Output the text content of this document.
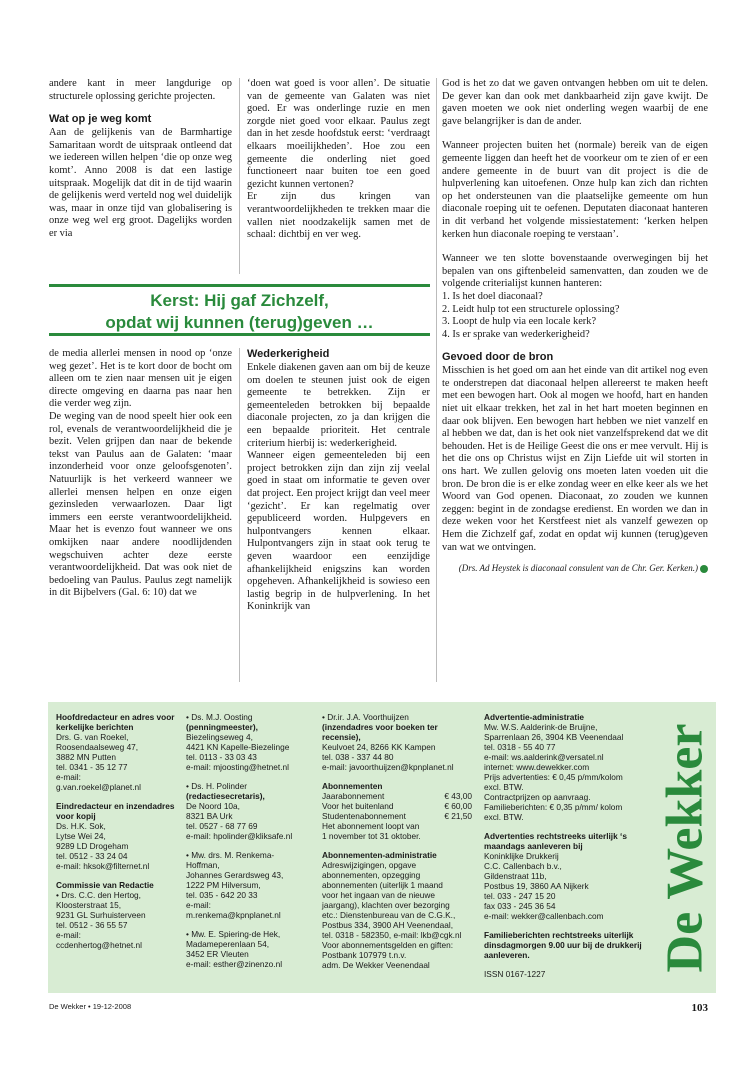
andere kant in meer langdurige op structurele oplossing gerichte projecten.

Wat op je weg komt

Aan de gelijkenis van de Barmhartige Samaritaan wordt de uitspraak ontleend dat we iedereen willen helpen ‘die op onze weg komt’. Anno 2008 is dat een lastige uitspraak. Mogelijk dat dit in de tijd waarin de gelijkenis werd verteld nog wel duidelijk was, maar in onze tijd van globalisering is onze weg wel erg groot. Dagelijks worden er via

‘doen wat goed is voor allen’. De situatie van de gemeente van Galaten was niet goed. Er was onderlinge ruzie en men zorgde niet goed voor elkaar. Paulus zegt dan in het zesde hoofdstuk eerst: ‘verdraagt elkaars moeilijkheden’. Hoe zou een gemeente die onderling niet goed functioneert naar buiten toe een goed gezicht kunnen vertonen?

Er zijn dus kringen van verantwoordelijkheden te trekken maar die vallen niet noodzakelijk samen met de schaal: dichtbij en ver weg.

Kerst: Hij gaf Zichzelf,
opdat wij kunnen (terug)geven …

de media allerlei mensen in nood op ‘onze weg gezet’. Het is te kort door de bocht om alleen om te zien naar mensen uit je eigen directe omgeving en daarna pas naar hen die verder weg zijn.

De weging van de nood speelt hier ook een rol, evenals de verantwoordelijkheid die je bezit. Velen grijpen dan naar de bekende tekst van Paulus aan de Galaten: ‘maar inzonderheid voor onze geloofsgenoten’. Natuurlijk is het verkeerd wanneer we allerlei mensen helpen en onze eigen gezinsleden verwaarlozen. Daar ligt immers een eerste verantwoordelijkheid. Maar het is evenzo fout wanneer we ons omkijken naar andere noodlijdenden wegschuiven achter deze eerste verantwoordelijkheid. Dat was ook niet de bedoeling van Paulus. Paulus zegt namelijk in dit Bijbelvers (Gal. 6: 10) dat we

Wederkerigheid

Enkele diakenen gaven aan om bij de keuze om doelen te steunen juist ook de eigen gemeente te betrekken. Zijn er gemeenteleden betrokken bij bepaalde diaconale projecten, zo ja dan krijgen die een bepaalde prioriteit. Het centrale criterium hierbij is: wederkerigheid.

Wanneer eigen gemeenteleden bij een project betrokken zijn dan zijn zij veelal goed in staat om informatie te geven over dat project. Een project krijgt dan veel meer ‘gezicht’. Er kan regelmatig over gepubliceerd worden. Hulpgevers en hulpontvangers kennen elkaar. Hulpontvangers zijn in staat ook terug te geven waardoor een eenzijdige afhankelijkheid enigszins kan worden opgeheven. Afhankelijkheid is sowieso een lastig begrip in de hulpverlening. In het Koninkrijk van

God is het zo dat we gaven ontvangen hebben om uit te delen. De gever kan dan ook met dankbaarheid zijn gave kwijt. De gaven moeten we ook niet onderling wegen waarbij de ene gave belangrijker is dan de ander.

Wanneer projecten buiten het (normale) bereik van de eigen gemeente liggen dan heeft het de voorkeur om te zien of er een andere gemeente in de buurt van dit project is die de hulpverlening kan uitoefenen. Onze hulp kan zich dan richten op het ondersteunen van die plaatselijke gemeente om hun diaconale roeping uit te oefenen. Deputaten diaconaat hanteren in dit verband het volgende missiestatement: ‘kerken helpen kerken hun diaconale roeping te verstaan’.

Wanneer we ten slotte bovenstaande overwegingen bij het bepalen van ons giftenbeleid samenvatten, dan zouden we de volgende criterialijst kunnen hanteren:

1. Is het doel diaconaal?

2. Leidt hulp tot een structurele oplossing?

3. Loopt de hulp via een locale kerk?

4. Is er sprake van wederkerigheid?

Gevoed door de bron

Misschien is het goed om aan het einde van dit artikel nog even te onderstrepen dat diaconaal helpen allereerst te maken heeft met een bewogen hart. Ook al mogen we hoofd, hart en handen niet uit elkaar trekken, het zal in het hart moeten beginnen en daar ook blijven. Een bewogen hart hebben we niet vanzelf en al hebben we dat, dan is het ook niet vanzelfsprekend dat we dit behouden. Het is de Heilige Geest die ons er mee vervult. Hij is het die ons op Christus wijst en Zijn Liefde uit wil storten in ons hart. We zullen gelovig ons moeten laten voeden uit die bron. De bron die is er elke zondag weer en elke keer als we het Woord van God openen. Diaconaat, zo zouden we kunnen zeggen: begint in de zondagse eredienst. En worden we dan in deze weken voor het Kerstfeest niet als vanzelf gewezen op Hem die Zichzelf gaf, zodat en opdat wij kunnen (terug)geven van wat we ontvingen.

(Drs. Ad Heystek is diaconaal consulent van de Chr. Ger. Kerken.)
Hoofdredacteur en adres voor kerkelijke berichten
Drs. G. van Roekel,
Roosendaalseweg 47,
3882 MN Putten
tel. 0341 - 35 12 77
e-mail:
g.van.roekel@planet.nl
Eindredacteur en inzendadres voor kopij
Ds. H.K. Sok,
Lytse Wei 24,
9289 LD Drogeham
tel. 0512 - 33 24 04
e-mail: hksok@filternet.nl
Commissie van Redactie
• Drs. C.C. den Hertog,
Kloosterstraat 15,
9231 GL Surhuisterveen
tel. 0512 - 36 55 57
e-mail:
ccdenhertog@hetnet.nl
• Ds. M.J. Oosting
(penningmeester),
Biezelingseweg 4,
4421 KN Kapelle-Biezelinge
tel. 0113 - 33 03 43
e-mail: mjoosting@hetnet.nl
• Ds. H. Polinder
(redactiesecretaris),
De Noord 10a,
8321 BA Urk
tel. 0527 - 68 77 69
e-mail: hpolinder@kliksafe.nl
• Mw. drs. M. Renkema-
Hoffman,
Johannes Gerardsweg 43,
1222 PM Hilversum,
tel. 035 - 642 20 33
e-mail:
m.renkema@kpnplanet.nl
• Mw. E. Spiering-de Hek,
Madameperenlaan 54,
3452 ER Vleuten
e-mail: esther@zinenzo.nl
• Dr.ir. J.A. Voorthuijzen
(inzendadres voor boeken ter
recensie),
Keulvoet 24, 8266 KK Kampen
tel. 038 - 337 44 80
e-mail: javoorthuijzen@kpnplanet.nl
Abonnementen
Jaarabonnement	€ 43,00
Voor het buitenland	€ 60,00
Studentenabonnement	€ 21,50
Het abonnement loopt van
1 november tot 31 oktober.
Abonnementen-administratie
Adreswijzigingen, opgave
abonnementen, opzegging
abonnementen (uiterlijk 1 maand
voor het ingaan van de nieuwe
jaargang), klachten over bezorging
etc.: Dienstenbureau van de C.G.K.,
Postbus 334, 3900 AH Veenendaal,
tel. 0318 - 582350, e-mail: lkb@cgk.nl
Voor abonnementsgelden en giften:
Postbank 107979 t.n.v.
adm. De Wekker Veenendaal
Advertentie-administratie
Mw. W.S. Aalderink-de Bruijne,
Sparrenlaan 26, 3904 KB Veenendaal
tel. 0318 - 55 40 77
e-mail: ws.aalderink@versatel.nl
internet: www.dewekker.com
Prijs advertenties: € 0,45 p/mm/kolom
excl. BTW.
Contractprijzen op aanvraag.
Familieberichten: € 0,35 p/mm/ kolom
excl. BTW.
Advertenties rechtstreeks uiterlijk ‘s maandags aanleveren bij
Koninklijke Drukkerij
C.C. Callenbach b.v.,
Gildenstraat 11b,
Postbus 19, 3860 AA Nijkerk
tel. 033 - 247 15 20
fax 033 - 245 36 54
e-mail: wekker@callenbach.com
Familieberichten rechtstreeks uiterlijk dinsdagmorgen 9.00 uur bij de drukkerij aanleveren.
ISSN 0167-1227
De Wekker
De Wekker • 19-12-2008	103
